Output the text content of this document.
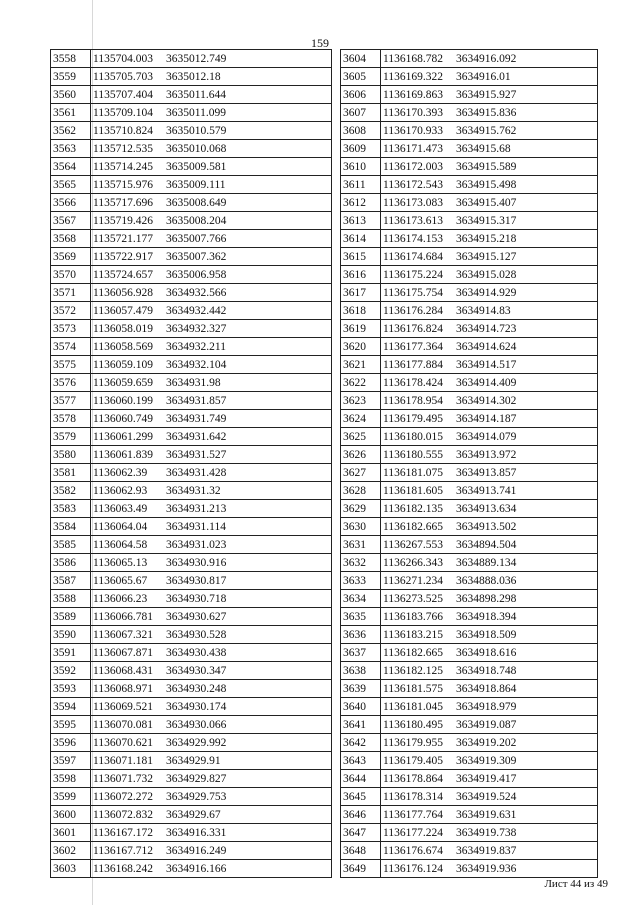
159
3558	1135704.003 3635012.749
3559	1135705.703 3635012.18
3560	1135707.404 3635011.644
3561	1135709.104 3635011.099
3562	1135710.824 3635010.579
3563	1135712.535 3635010.068
3564	1135714.245 3635009.581
3565	1135715.976 3635009.111
3566	1135717.696 3635008.649
3567	1135719.426 3635008.204
3568	1135721.177 3635007.766
3569	1135722.917 3635007.362
3570	1135724.657 3635006.958
3571	1136056.928 3634932.566
3572	1136057.479 3634932.442
3573	1136058.019 3634932.327
3574	1136058.569 3634932.211
3575	1136059.109 3634932.104
3576	1136059.659 3634931.98
3577	1136060.199 3634931.857
3578	1136060.749 3634931.749
3579	1136061.299 3634931.642
3580	1136061.839 3634931.527
3581	1136062.39 3634931.428
3582	1136062.93 3634931.32
3583	1136063.49 3634931.213
3584	1136064.04 3634931.114
3585	1136064.58 3634931.023
3586	1136065.13 3634930.916
3587	1136065.67 3634930.817
3588	1136066.23 3634930.718
3589	1136066.781 3634930.627
3590	1136067.321 3634930.528
3591	1136067.871 3634930.438
3592	1136068.431 3634930.347
3593	1136068.971 3634930.248
3594	1136069.521 3634930.174
3595	1136070.081 3634930.066
3596	1136070.621 3634929.992
3597	1136071.181 3634929.91
3598	1136071.732 3634929.827
3599	1136072.272 3634929.753
3600	1136072.832 3634929.67
3601	1136167.172 3634916.331
3602	1136167.712 3634916.249
3603	1136168.242 3634916.166
3604	1136168.782 3634916.092
3605	1136169.322 3634916.01
3606	1136169.863 3634915.927
3607	1136170.393 3634915.836
3608	1136170.933 3634915.762
3609	1136171.473 3634915.68
3610	1136172.003 3634915.589
3611	1136172.543 3634915.498
3612	1136173.083 3634915.407
3613	1136173.613 3634915.317
3614	1136174.153 3634915.218
3615	1136174.684 3634915.127
3616	1136175.224 3634915.028
3617	1136175.754 3634914.929
3618	1136176.284 3634914.83
3619	1136176.824 3634914.723
3620	1136177.364 3634914.624
3621	1136177.884 3634914.517
3622	1136178.424 3634914.409
3623	1136178.954 3634914.302
3624	1136179.495 3634914.187
3625	1136180.015 3634914.079
3626	1136180.555 3634913.972
3627	1136181.075 3634913.857
3628	1136181.605 3634913.741
3629	1136182.135 3634913.634
3630	1136182.665 3634913.502
3631	1136267.553 3634894.504
3632	1136266.343 3634889.134
3633	1136271.234 3634888.036
3634	1136273.525 3634898.298
3635	1136183.766 3634918.394
3636	1136183.215 3634918.509
3637	1136182.665 3634918.616
3638	1136182.125 3634918.748
3639	1136181.575 3634918.864
3640	1136181.045 3634918.979
3641	1136180.495 3634919.087
3642	1136179.955 3634919.202
3643	1136179.405 3634919.309
3644	1136178.864 3634919.417
3645	1136178.314 3634919.524
3646	1136177.764 3634919.631
3647	1136177.224 3634919.738
3648	1136176.674 3634919.837
3649	1136176.124 3634919.936
Лист 44 из 49
